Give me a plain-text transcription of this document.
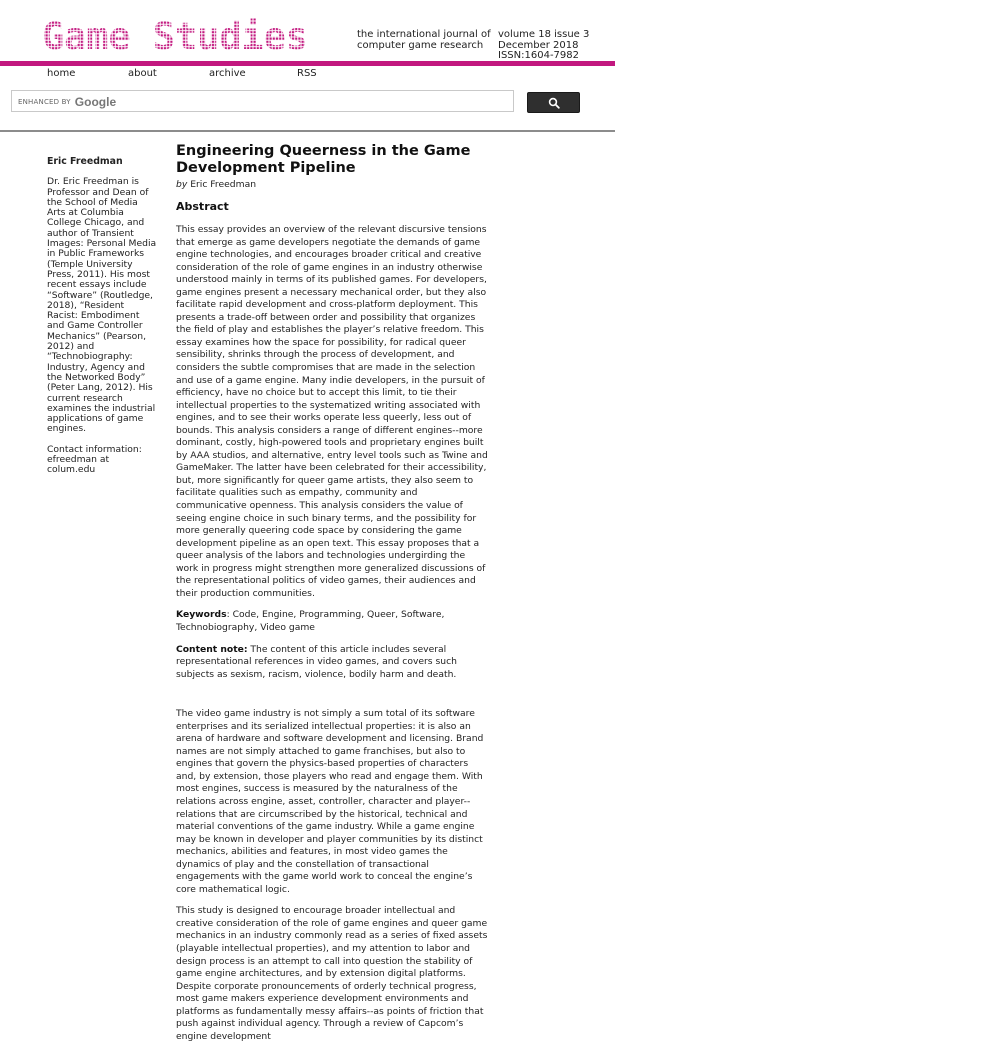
Game Studies	the international journal of
computer game research
volume 18 issue 3
December 2018
ISSN:1604-7982
home	about	archive	RSS
ENHANCED BY Google

Eric Freedman

Dr. Eric Freedman is Professor and Dean of the School of Media Arts at Columbia College Chicago, and author of Transient Images: Personal Media in Public Frameworks (Temple University Press, 2011). His most recent essays include “Software” (Routledge, 2018), “Resident Racist: Embodiment and Game Controller Mechanics” (Pearson, 2012) and “Technobiography: Industry, Agency and the Networked Body” (Peter Lang, 2012). His current research examines the industrial applications of game engines.

Contact information: efreedman at colum.edu

Engineering Queerness in the Game Development Pipeline
by Eric Freedman
Abstract

This essay provides an overview of the relevant discursive tensions that emerge as game developers negotiate the demands of game engine technologies, and encourages broader critical and creative consideration of the role of game engines in an industry otherwise understood mainly in terms of its published games. For developers, game engines present a necessary mechanical order, but they also facilitate rapid development and cross-platform deployment. This presents a trade-off between order and possibility that organizes the field of play and establishes the player’s relative freedom. This essay examines how the space for possibility, for radical queer sensibility, shrinks through the process of development, and considers the subtle compromises that are made in the selection and use of a game engine. Many indie developers, in the pursuit of efficiency, have no choice but to accept this limit, to tie their intellectual properties to the systematized writing associated with engines, and to see their works operate less queerly, less out of bounds. This analysis considers a range of different engines--more dominant, costly, high-powered tools and proprietary engines built by AAA studios, and alternative, entry level tools such as Twine and GameMaker. The latter have been celebrated for their accessibility, but, more significantly for queer game artists, they also seem to facilitate qualities such as empathy, community and communicative openness. This analysis considers the value of seeing engine choice in such binary terms, and the possibility for more generally queering code space by considering the game development pipeline as an open text. This essay proposes that a queer analysis of the labors and technologies undergirding the work in progress might strengthen more generalized discussions of the representational politics of video games, their audiences and their production communities.

Keywords: Code, Engine, Programming, Queer, Software, Technobiography, Video game

Content note: The content of this article includes several representational references in video games, and covers such subjects as sexism, racism, violence, bodily harm and death.

The video game industry is not simply a sum total of its software enterprises and its serialized intellectual properties: it is also an arena of hardware and software development and licensing. Brand names are not simply attached to game franchises, but also to engines that govern the physics-based properties of characters and, by extension, those players who read and engage them. With most engines, success is measured by the naturalness of the relations across engine, asset, controller, character and player--relations that are circumscribed by the historical, technical and material conventions of the game industry. While a game engine may be known in developer and player communities by its distinct mechanics, abilities and features, in most video games the dynamics of play and the constellation of transactional engagements with the game world work to conceal the engine’s core mathematical logic.

This study is designed to encourage broader intellectual and creative consideration of the role of game engines and queer game mechanics in an industry commonly read as a series of fixed assets (playable intellectual properties), and my attention to labor and design process is an attempt to call into question the stability of game engine architectures, and by extension digital platforms. Despite corporate pronouncements of orderly technical progress, most game makers experience development environments and platforms as fundamentally messy affairs--as points of friction that push against individual agency. Through a review of Capcom’s engine development
